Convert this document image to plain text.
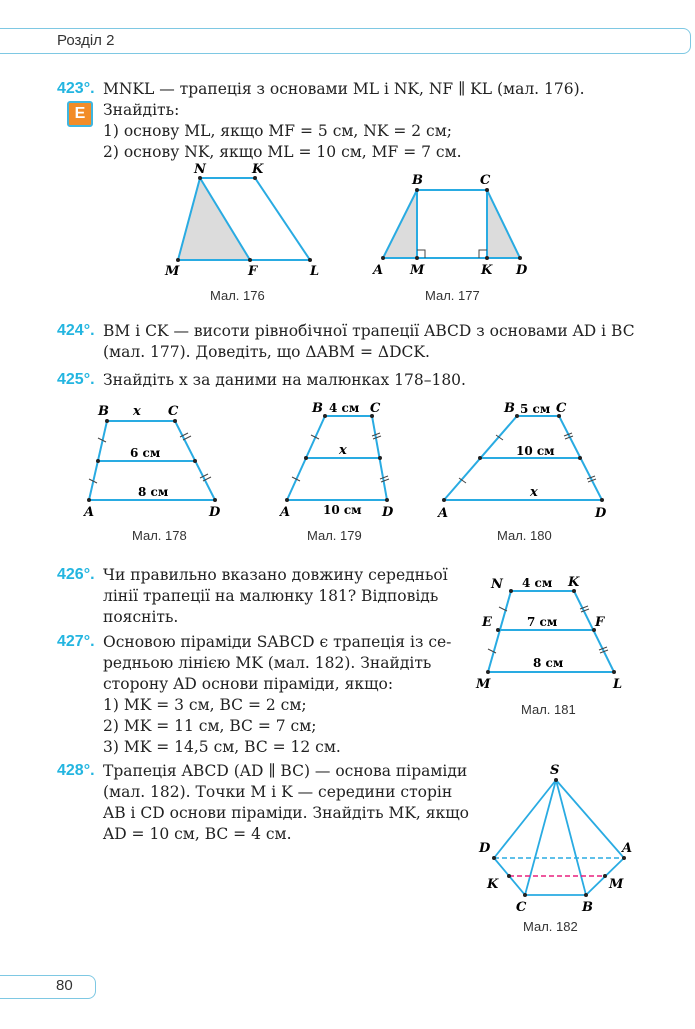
Розділ 2
423°.
E
MNKL — трапеція з основами ML і NK, NF ∥ KL (мал. 176).
Знайдіть:
1) основу ML, якщо MF = 5 см, NK = 2 см;
2) основу NK, якщо ML = 10 см, MF = 7 см.
N	K
M	F	L
Мал. 176
B	C
A M	K D
Мал. 177
424°. BM і CK — висоти рівнобічної трапеції ABCD з основами AD і BC
(мал. 177). Доведіть, що ΔABM = ΔDCK.
425°. Знайдіть x за даними на малюнках 178–180.
B	C
x
6 см
8 см
A	D
Мал. 178
B	C
4 см
x
10 см
A	D
Мал. 179
B	C
5 см
10 см
x
A	D
Мал. 180
426°. Чи правильно вказано довжину середньої
лінії трапеції на малюнку 181? Відповідь
поясніть.
427°. Основою піраміди SABCD є трапеція із се-
редньою лінією MK (мал. 182). Знайдіть
сторону AD основи піраміди, якщо:
1) MK = 3 см, BC = 2 см;
2) MK = 11 см, BC = 7 см;
3) MK = 14,5 см, BC = 12 см.
N	K
4 см
E	F
7 см
8 см
M	L
Мал. 181
428°. Трапеція ABCD (AD ∥ BC) — основа піраміди
(мал. 182). Точки M і K — середини сторін
AB і CD основи піраміди. Знайдіть MK, якщо
AD = 10 см, BC = 4 см.
S
D	A
K	M
C	B
Мал. 182
80
